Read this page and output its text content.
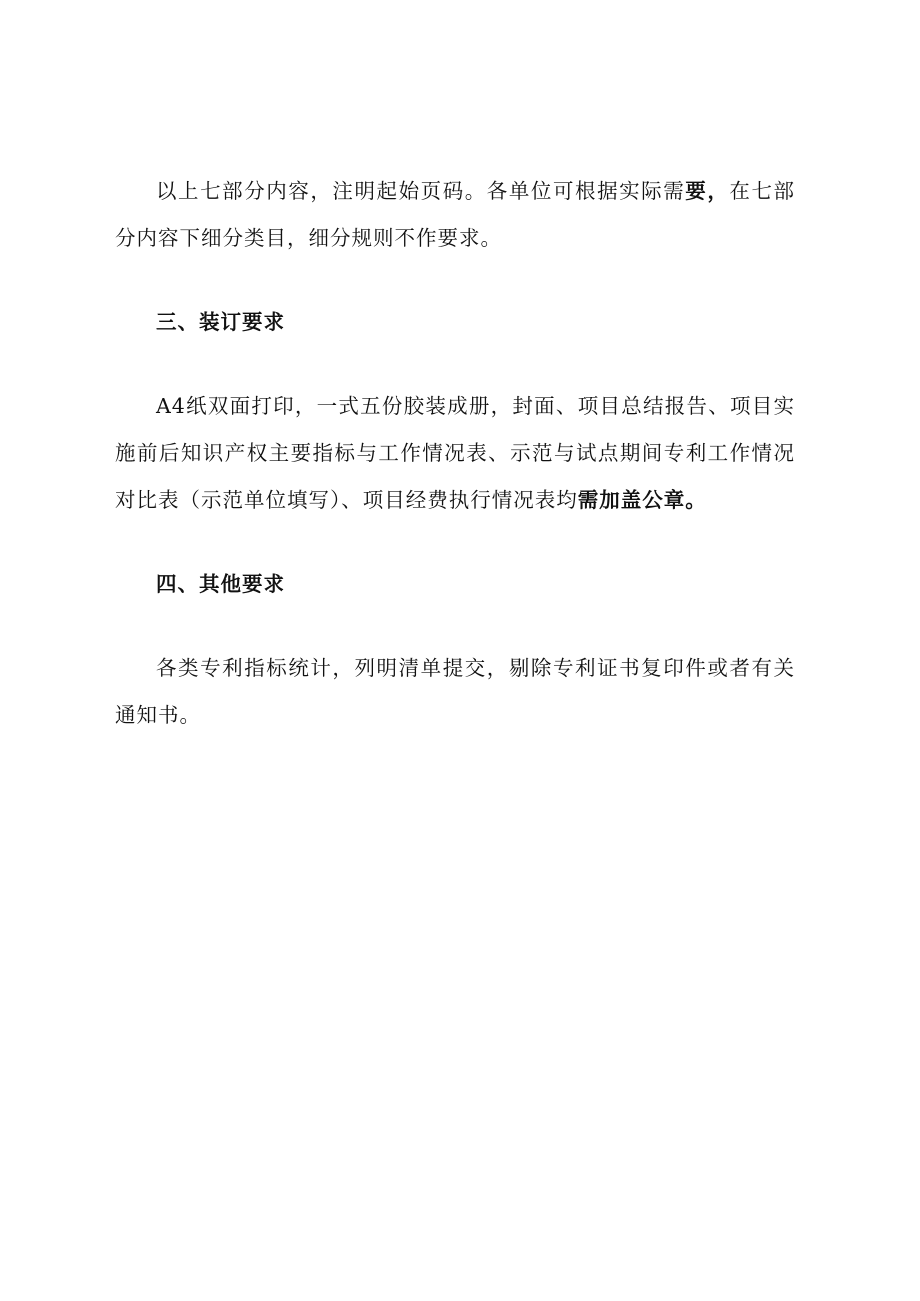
以上七部分内容，注明起始页码。各单位可根据实际需要，在七部分内容下细分类目，细分规则不作要求。

三、装订要求

A4纸双面打印，一式五份胶装成册，封面、项目总结报告、项目实施前后知识产权主要指标与工作情况表、示范与试点期间专利工作情况对比表（示范单位填写）、项目经费执行情况表均需加盖公章。

四、其他要求

各类专利指标统计，列明清单提交，剔除专利证书复印件或者有关通知书。
